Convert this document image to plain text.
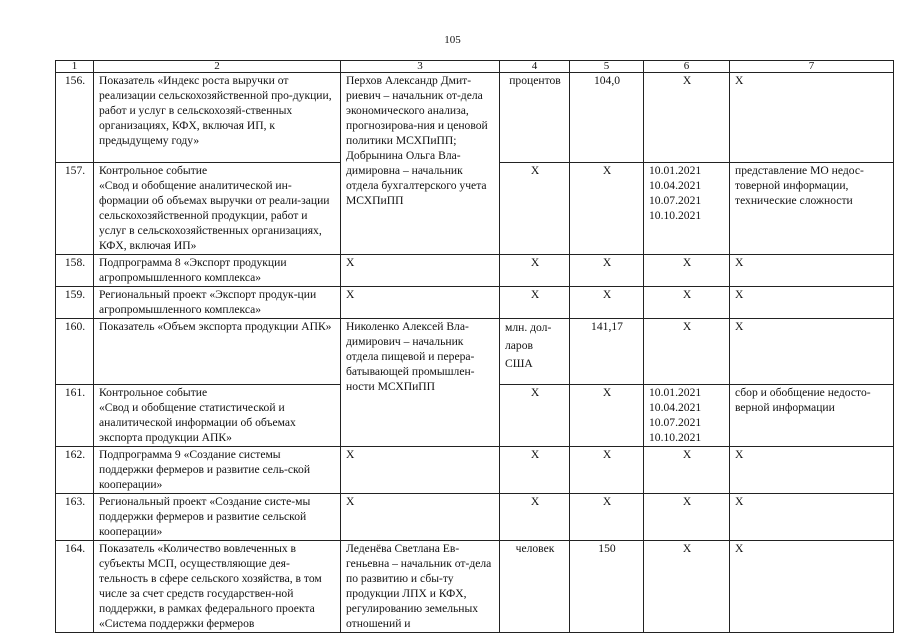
105
1	2	3	4	5	6	7
156.	Показатель «Индекс роста выручки от реализации сельскохозяйственной про-дукции, работ и услуг в сельскохозяй-ственных организациях, КФХ, включая ИП, к предыдущему году»	Перхов Александр Дмит-риевич – начальник от-дела экономического анализа, прогнозирова-ния и ценовой политики МСХПиПП;
Добрынина Ольга Вла-димировна – начальник отдела бухгалтерского учета МСХПиПП	процентов	104,0	Х	Х
157.	Контрольное событие
«Свод и обобщение аналитической ин-формации об объемах выручки от реали-зации сельскохозяйственной продукции, работ и услуг в сельскохозяйственных организациях, КФХ, включая ИП»		Х	Х	10.01.2021
10.04.2021
10.07.2021
10.10.2021	представление МО недос-товерной информации, технические сложности
158.	Подпрограмма 8 «Экспорт продукции агропромышленного комплекса»	Х	Х	Х	Х	Х
159.	Региональный проект «Экспорт продук-ции агропромышленного комплекса»	Х	Х	Х	Х	Х
160.	Показатель «Объем экспорта продукции АПК»	Николенко Алексей Вла-димирович – начальник отдела пищевой и перера-батывающей промышлен-ности МСХПиПП	млн. дол-
ларов
США	141,17	Х	Х
161.	Контрольное событие
«Свод и обобщение статистической и аналитической информации об объемах экспорта продукции АПК»		Х	Х	10.01.2021
10.04.2021
10.07.2021
10.10.2021	сбор и обобщение недосто-верной информации
162.	Подпрограмма 9 «Создание системы поддержки фермеров и развитие сель-ской кооперации»	Х	Х	Х	Х	Х
163.	Региональный проект «Создание систе-мы поддержки фермеров и развитие сельской кооперации»	Х	Х	Х	Х	Х
164.	Показатель «Количество вовлеченных в субъекты МСП, осуществляющие дея-тельность в сфере сельского хозяйства, в том числе за счет средств государствен-ной поддержки, в рамках федерального проекта «Система поддержки фермеров	Леденёва Светлана Ев-геньевна – начальник от-дела по развитию и сбы-ту продукции ЛПХ и КФХ, регулированию земельных отношений и	человек	150	Х	Х
